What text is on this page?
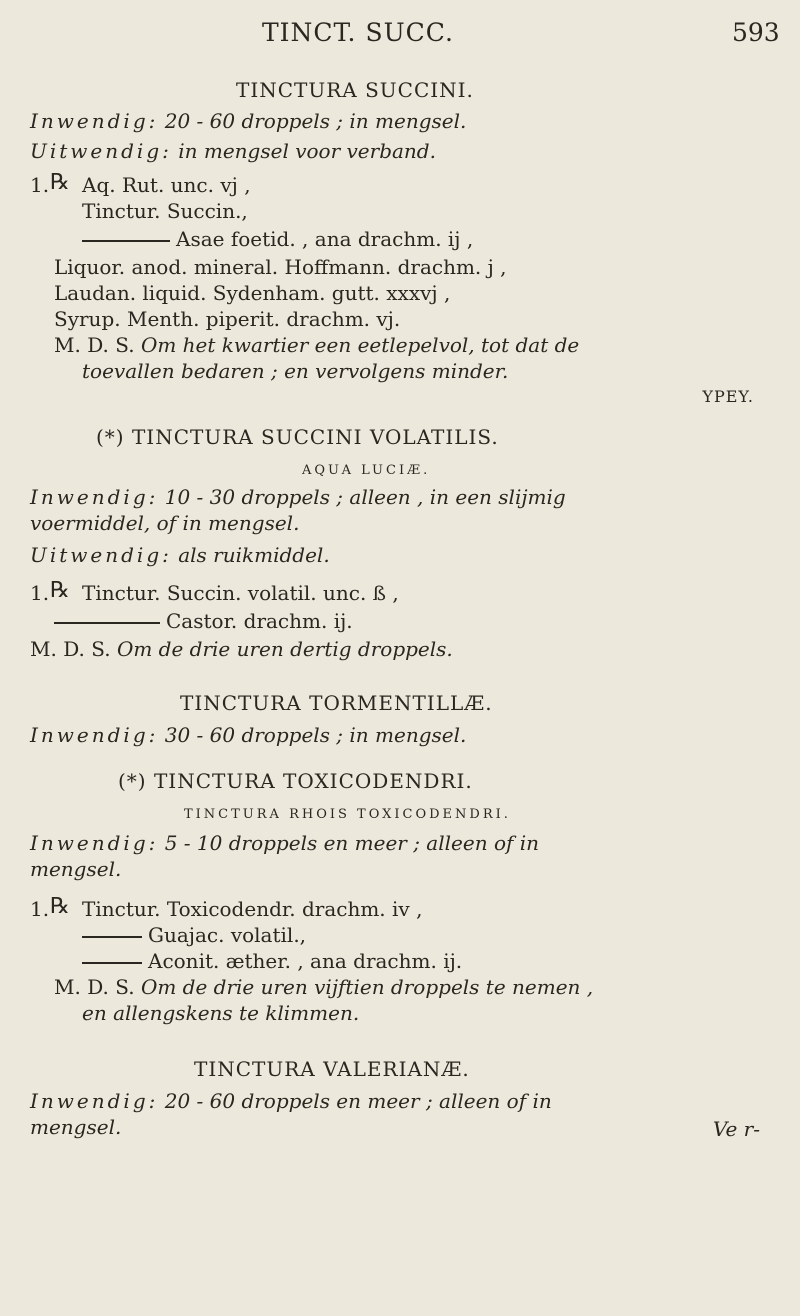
TINCT. SUCC.	593
TINCTURA SUCCINI.
Inwendig: 20 - 60 droppels ; in mengsel.
Uitwendig: in mengsel voor verband.
1. ℞ Aq. Rut. unc. vj ,
Tinctur. Succin.,
Asae foetid. , ana drachm. ij ,
Liquor. anod. mineral. Hoffmann. drachm. j ,
Laudan. liquid. Sydenham. gutt. xxxvj ,
Syrup. Menth. piperit. drachm. vj.
M. D. S. Om het kwartier een eetlepelvol, tot dat de
toevallen bedaren ; en vervolgens minder.
YPEY.
(*) TINCTURA SUCCINI VOLATILIS.
AQUA LUCIÆ.
Inwendig: 10 - 30 droppels ; alleen , in een slijmig
voermiddel, of in mengsel.
Uitwendig: als ruikmiddel.
1. ℞ Tinctur. Succin. volatil. unc. ß ,
Castor. drachm. ij.
M. D. S. Om de drie uren dertig droppels.
TINCTURA TORMENTILLÆ.
Inwendig: 30 - 60 droppels ; in mengsel.
(*) TINCTURA TOXICODENDRI.
TINCTURA RHOIS TOXICODENDRI.
Inwendig: 5 - 10 droppels en meer ; alleen of in
mengsel.
1. ℞ Tinctur. Toxicodendr. drachm. iv ,
Guajac. volatil.,
Aconit. æther. , ana drachm. ij.
M. D. S. Om de drie uren vijftien droppels te nemen ,
en allengskens te klimmen.
TINCTURA VALERIANÆ.
Inwendig: 20 - 60 droppels en meer ; alleen of in
mengsel.	Ve r-
